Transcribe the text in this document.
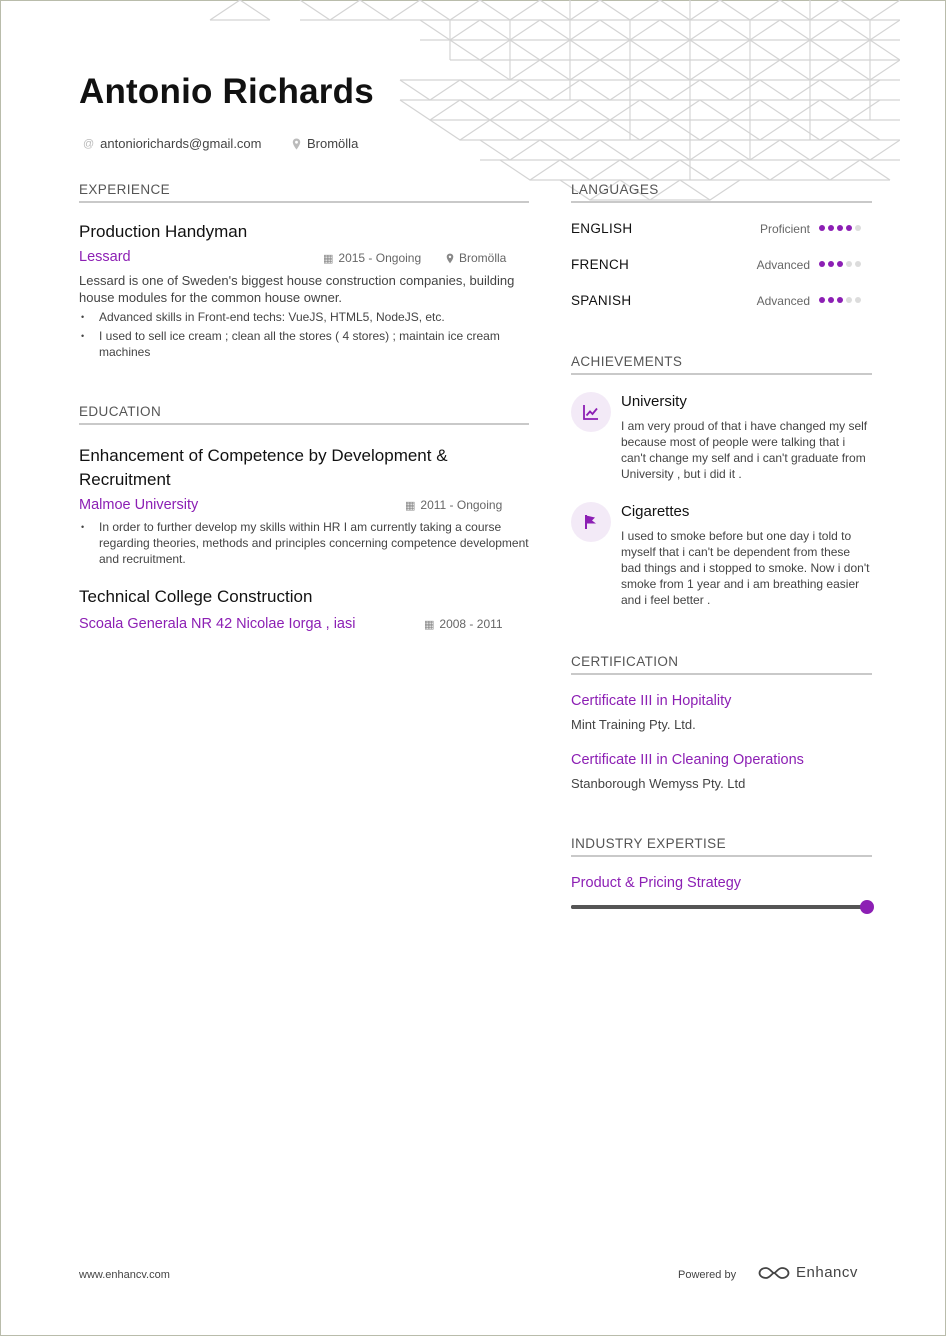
Antonio Richards
@ antoniorichards@gmail.com	Bromölla
EXPERIENCE
Production Handyman
Lessard	▦ 2015 - Ongoing	Bromölla
Lessard is one of Sweden's biggest house construction companies, building house modules for the common house owner.
• Advanced skills in Front-end techs: VueJS, HTML5, NodeJS, etc.
• I used to sell ice cream ; clean all the stores ( 4 stores) ; maintain ice cream machines
EDUCATION
Enhancement of Competence by Development & Recruitment
Malmoe University	▦ 2011 - Ongoing
• In order to further develop my skills within HR I am currently taking a course regarding theories, methods and principles concerning competence development and recruitment.
Technical College Construction
Scoala Generala NR 42 Nicolae Iorga , iasi	▦ 2008 - 2011
LANGUAGES
ENGLISH	Proficient
FRENCH	Advanced
SPANISH	Advanced
ACHIEVEMENTS
University
I am very proud of that i have changed my self because most of people were talking that i can't change my self and i can't graduate from University , but i did it .
Cigarettes
I used to smoke before but one day i told to myself that i can't be dependent from these bad things and i stopped to smoke. Now i don't smoke from 1 year and i am breathing easier and i feel better .
CERTIFICATION
Certificate III in Hopitality
Mint Training Pty. Ltd.
Certificate III in Cleaning Operations
Stanborough Wemyss Pty. Ltd
INDUSTRY EXPERTISE
Product & Pricing Strategy
www.enhancv.com	Powered by	Enhancv
